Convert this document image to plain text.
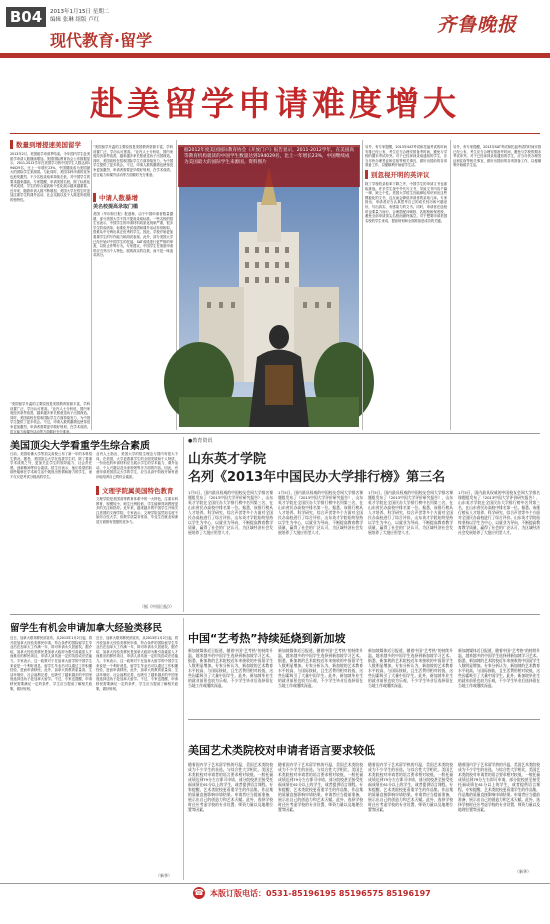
B04	2013年1月15日 星期二
编辑 张琳 组版 卢红
现代教育·留学
齐鲁晚报
赴美留学申请难度增大
数量到增提速美国留学
2013年2月，美国留学申请季结束，今年国内学生赴美留学申请人数继续增加。美国国际教育协会公布数据显示，2011-2012学年在美国学习的中国学生人数达到194029名，比上一年增长23%，中国继续成为美国最大的国际学生来源国。与此同时，美国本科申请的竞争也愈发激烈，不少名校录取率持续走低，对中国学生的要求越来越高。专家提醒，申请美国名校，除了标准化考试成绩，学生的综合素质和个性化展示越来越重要。近年来，随着申请人数不断增加，美国大学在招生时更加注重学生的课外活动、社会实践以及个人陈述所展现的独特性。
“美国留学升温的主要原因是美国教育资源丰富，学科设置广泛，学历认可度高。”业内人士分析说，国内家庭经济条件改善，越来越多家长愿意送孩子出国深造。同时，美国高校在招收国际学生方面持续发力，为中国学生提供了更多机会。不过，申请人数的激增也使得竞争更加激烈，申请者需要更早做好规划，在学术成绩、语言能力和课外活动等方面做好充分准备。
“美国留学升温的主要原因是美国教育资源丰富，学科设置广泛，学历认可度高。”业内人士分析说，国内家庭经济条件改善，越来越多家长愿意送孩子出国深造。同时，美国高校在招收国际学生方面持续发力，为中国学生提供了更多机会。不过，申请人数的激增也使得竞争更加激烈，申请者需要更早做好规划，在学术成绩、语言能力和课外活动等方面做好充分准备。
中请人数暴增
美名校提高录取门槛
美国《华尔街日报》报道称，由于中国申请者数量激增，部分美国大学不得不提高录取标准。一些名校的招生官表示，中国学生的申请材料同质化现象严重，很多学生的成绩单、标准化考试成绩和课外活动非常相似，很难从中分辨出真正优秀的学生。因此，学校开始更加看重学生的写作能力和面试表现。此外，部分美国大学已经开始对中国学生的托福、SAT成绩进行更严格的审查，以防止作弊行为。专家建议，中国学生在准备申请时应当突出个人特色，展现真实的自我，而不是一味追求高分。
据2012年度美国国际教育协会《开放门户》报告显示，2011-2012学年，在美国高等教育机构就读的中国学生数量达到194029名，比上一年增长23%，中国继续成为美国最大的国际学生来源国。资料图片
另外，有专家提醒，2013年SAT考试和托福考试的时间安排已经公布，考生应当合理安排备考时间，避免与学校的期末考试冲突。对于已经拿到录取通知的学生，应当尽快办理签证和住宿等相关事宜，做好出国前的各项准备工作，以便顺利开始留学生活。
别忽视开明的英评议
除了学校的录取率下降之外，中国学生的申请文书也面临挑战。许多学生找中介代写文书，导致文书内容千篇一律，缺乏个性。美国大学招生官能够轻易识别出这些模板化的文书，这反而会降低申请者的录取几率。专家指出，申请者应当认真思考自己的成长经历和兴趣爱好，写出真实、有感染力的文书。同时，申请者在选校时也要量力而行，合理搭配冲刺校、匹配校和保底校，避免全部申请顶尖名校而最终落空。对于想要申请美国名校的学生来说，提前规划和全面准备是成功的关键。
另外，有专家提醒，2013年SAT考试和托福考试的时间安排已经公布，考生应当合理安排备考时间，避免与学校的期末考试冲突。对于已经拿到录取通知的学生，应当尽快办理签证和住宿等相关事宜，做好出国前的各项准备工作，以便顺利开始留学生活。
美国顶尖大学看重学生综合素质
日前，美国哈佛大学等顶尖高校公布了新一年的本科招生情况。据悉，美国顶尖大学在选拔学生时，除了看重学术成绩之外，更加关注学生的领导能力、社会责任感、创新精神等综合素质。招生官表示，他们希望招收那些能够在学术和生活中展现出热情和潜力的学生，而不仅仅是考试分数高的学生。
业内人士指出，美国大学的招生理念与国内有很大不同。在美国，大学更看重学生的全面发展和个人特质，一份出色的申请材料应当展示学生的学术能力、课外活动、个人兴趣以及未来规划等多方面的内容。因此，有意申请美国顶尖大学的学生，应当从高中阶段开始有意识地培养自己的综合素质。
文理学院属美国特色教育
文理学院是美国高等教育体系中的一大特色，注重本科教育，规模较小，师生比例较低，学生能够得到教授更多的关注和指导。近年来，越来越多的中国学生开始关注美国的文理学院。专家表示，文理学院虽然知名度不如综合性大学，但教学质量非常高，毕业生在就业和深造方面都有很强的竞争力。
（据《中国日报》）
●教育资讯
山东英才学院
名列《2013年中国民办大学排行榜》第三名
1月5日，国内最具权威的中国校友会网大学排名课题组发布了《2013中国大学评价研究报告》，山东英才学院在全国民办大学排行榜中名列第三名，在山东省民办高校中排名第一位。据悉，该排行榜从人才培养、科学研究、综合声誉等多个方面对全国民办高校进行了综合评价。山东英才学院始终坚持以学生为中心，以就业为导向，不断提高教育教学质量，赢得了社会的广泛认可，为区域经济社会发展培养了大批应用型人才。
1月5日，国内最具权威的中国校友会网大学排名课题组发布了《2013中国大学评价研究报告》，山东英才学院在全国民办大学排行榜中名列第三名，在山东省民办高校中排名第一位。据悉，该排行榜从人才培养、科学研究、综合声誉等多个方面对全国民办高校进行了综合评价。山东英才学院始终坚持以学生为中心，以就业为导向，不断提高教育教学质量，赢得了社会的广泛认可，为区域经济社会发展培养了大批应用型人才。
1月5日，国内最具权威的中国校友会网大学排名课题组发布了《2013中国大学评价研究报告》，山东英才学院在全国民办大学排行榜中名列第三名，在山东省民办高校中排名第一位。据悉，该排行榜从人才培养、科学研究、综合声誉等多个方面对全国民办高校进行了综合评价。山东英才学院始终坚持以学生为中心，以就业为导向，不断提高教育教学质量，赢得了社会的广泛认可，为区域经济社会发展培养了大批应用型人才。
1月5日，国内最具权威的中国校友会网大学排名课题组发布了《2013中国大学评价研究报告》，山东英才学院在全国民办大学排行榜中名列第三名，在山东省民办高校中排名第一位。据悉，该排行榜从人才培养、科学研究、综合声誉等多个方面对全国民办高校进行了综合评价。山东英才学院始终坚持以学生为中心，以就业为导向，不断提高教育教学质量，赢得了社会的广泛认可，为区域经济社会发展培养了大批应用型人才。
留学生有机会申请加拿大经验类移民
近日，加拿大联邦移民部宣布，从2013年1月2日起，将开放加拿大经验类移民申请，符合条件的国际留学生毕业后在加拿大工作满一年，即可申请永久居留权。据介绍，加拿大经验类移民是加拿大政府为吸引高素质人才而推出的移民项目，申请人须具备一定的英语或法语能力。专家表示，这一政策对于在加拿大留学的中国学生来说是一个利好消息，留学生毕业后可以通过工作积累经验，进而申请移民。此外，加拿大的教育质量高、生活环境好、社会福利完善，也吸引了越来越多的中国家庭选择送孩子赴加拿大留学。不过，专家也提醒，申请移民需要满足一定的条件，学生应当提前了解相关政策，做好规划。
近日，加拿大联邦移民部宣布，从2013年1月2日起，将开放加拿大经验类移民申请，符合条件的国际留学生毕业后在加拿大工作满一年，即可申请永久居留权。据介绍，加拿大经验类移民是加拿大政府为吸引高素质人才而推出的移民项目，申请人须具备一定的英语或法语能力。专家表示，这一政策对于在加拿大留学的中国学生来说是一个利好消息，留学生毕业后可以通过工作积累经验，进而申请移民。此外，加拿大的教育质量高、生活环境好、社会福利完善，也吸引了越来越多的中国家庭选择送孩子赴加拿大留学。不过，专家也提醒，申请移民需要满足一定的条件，学生应当提前了解相关政策，做好规划。
（新华）
中国“艺考热”持续延烧到新加坡
新加坡媒体近日报道，随着中国“艺考热”的持续升温，越来越多的中国学生选择到新加坡学习艺术。据悉，新加坡的艺术院校近年来接收的中国留学生人数明显增加。专家分析认为，新加坡的艺术教育水平较高，与国际接轨，且生活费用相对较低，这些因素吸引了大量中国学生。此外，新加坡毕业生的就业前景也较为乐观，不少学生毕业后选择留在当地工作或继续深造。
新加坡媒体近日报道，随着中国“艺考热”的持续升温，越来越多的中国学生选择到新加坡学习艺术。据悉，新加坡的艺术院校近年来接收的中国留学生人数明显增加。专家分析认为，新加坡的艺术教育水平较高，与国际接轨，且生活费用相对较低，这些因素吸引了大量中国学生。此外，新加坡毕业生的就业前景也较为乐观，不少学生毕业后选择留在当地工作或继续深造。
新加坡媒体近日报道，随着中国“艺考热”的持续升温，越来越多的中国学生选择到新加坡学习艺术。据悉，新加坡的艺术院校近年来接收的中国留学生人数明显增加。专家分析认为，新加坡的艺术教育水平较高，与国际接轨，且生活费用相对较低，这些因素吸引了大量中国学生。此外，新加坡毕业生的就业前景也较为乐观，不少学生毕业后选择留在当地工作或继续深造。
新加坡媒体近日报道，随着中国“艺考热”的持续升温，越来越多的中国学生选择到新加坡学习艺术。据悉，新加坡的艺术院校近年来接收的中国留学生人数明显增加。专家分析认为，新加坡的艺术教育水平较高，与国际接轨，且生活费用相对较低，这些因素吸引了大量中国学生。此外，新加坡毕业生的就业前景也较为乐观，不少学生毕业后选择留在当地工作或继续深造。
美国艺术类院校对申请者语言要求较低
随着国内学子艺术留学热的升温，美国艺术类院校成为不少学生的首选。与综合性大学相比，美国艺术类院校对申请者的语言要求相对较低，一般托福成绩达到79分左右即可申请，部分院校甚至接受托福成绩在61分以上的学生，或者提供语言课程。专家提醒，艺术类院校更看重学生的作品集，作品集的质量直接影响申请结果。申请者应当提前准备，展示出自己的创造力和艺术天赋。此外，选择学校时还应考虑学校的专业设置、师资力量以及地理位置等因素。
随着国内学子艺术留学热的升温，美国艺术类院校成为不少学生的首选。与综合性大学相比，美国艺术类院校对申请者的语言要求相对较低，一般托福成绩达到79分左右即可申请，部分院校甚至接受托福成绩在61分以上的学生，或者提供语言课程。专家提醒，艺术类院校更看重学生的作品集，作品集的质量直接影响申请结果。申请者应当提前准备，展示出自己的创造力和艺术天赋。此外，选择学校时还应考虑学校的专业设置、师资力量以及地理位置等因素。
随着国内学子艺术留学热的升温，美国艺术类院校成为不少学生的首选。与综合性大学相比，美国艺术类院校对申请者的语言要求相对较低，一般托福成绩达到79分左右即可申请，部分院校甚至接受托福成绩在61分以上的学生，或者提供语言课程。专家提醒，艺术类院校更看重学生的作品集，作品集的质量直接影响申请结果。申请者应当提前准备，展示出自己的创造力和艺术天赋。此外，选择学校时还应考虑学校的专业设置、师资力量以及地理位置等因素。
随着国内学子艺术留学热的升温，美国艺术类院校成为不少学生的首选。与综合性大学相比，美国艺术类院校对申请者的语言要求相对较低，一般托福成绩达到79分左右即可申请，部分院校甚至接受托福成绩在61分以上的学生，或者提供语言课程。专家提醒，艺术类院校更看重学生的作品集，作品集的质量直接影响申请结果。申请者应当提前准备，展示出自己的创造力和艺术天赋。此外，选择学校时还应考虑学校的专业设置、师资力量以及地理位置等因素。
（新华）
☎ 本版订版电话：0531-85196195 85196575 85196197
